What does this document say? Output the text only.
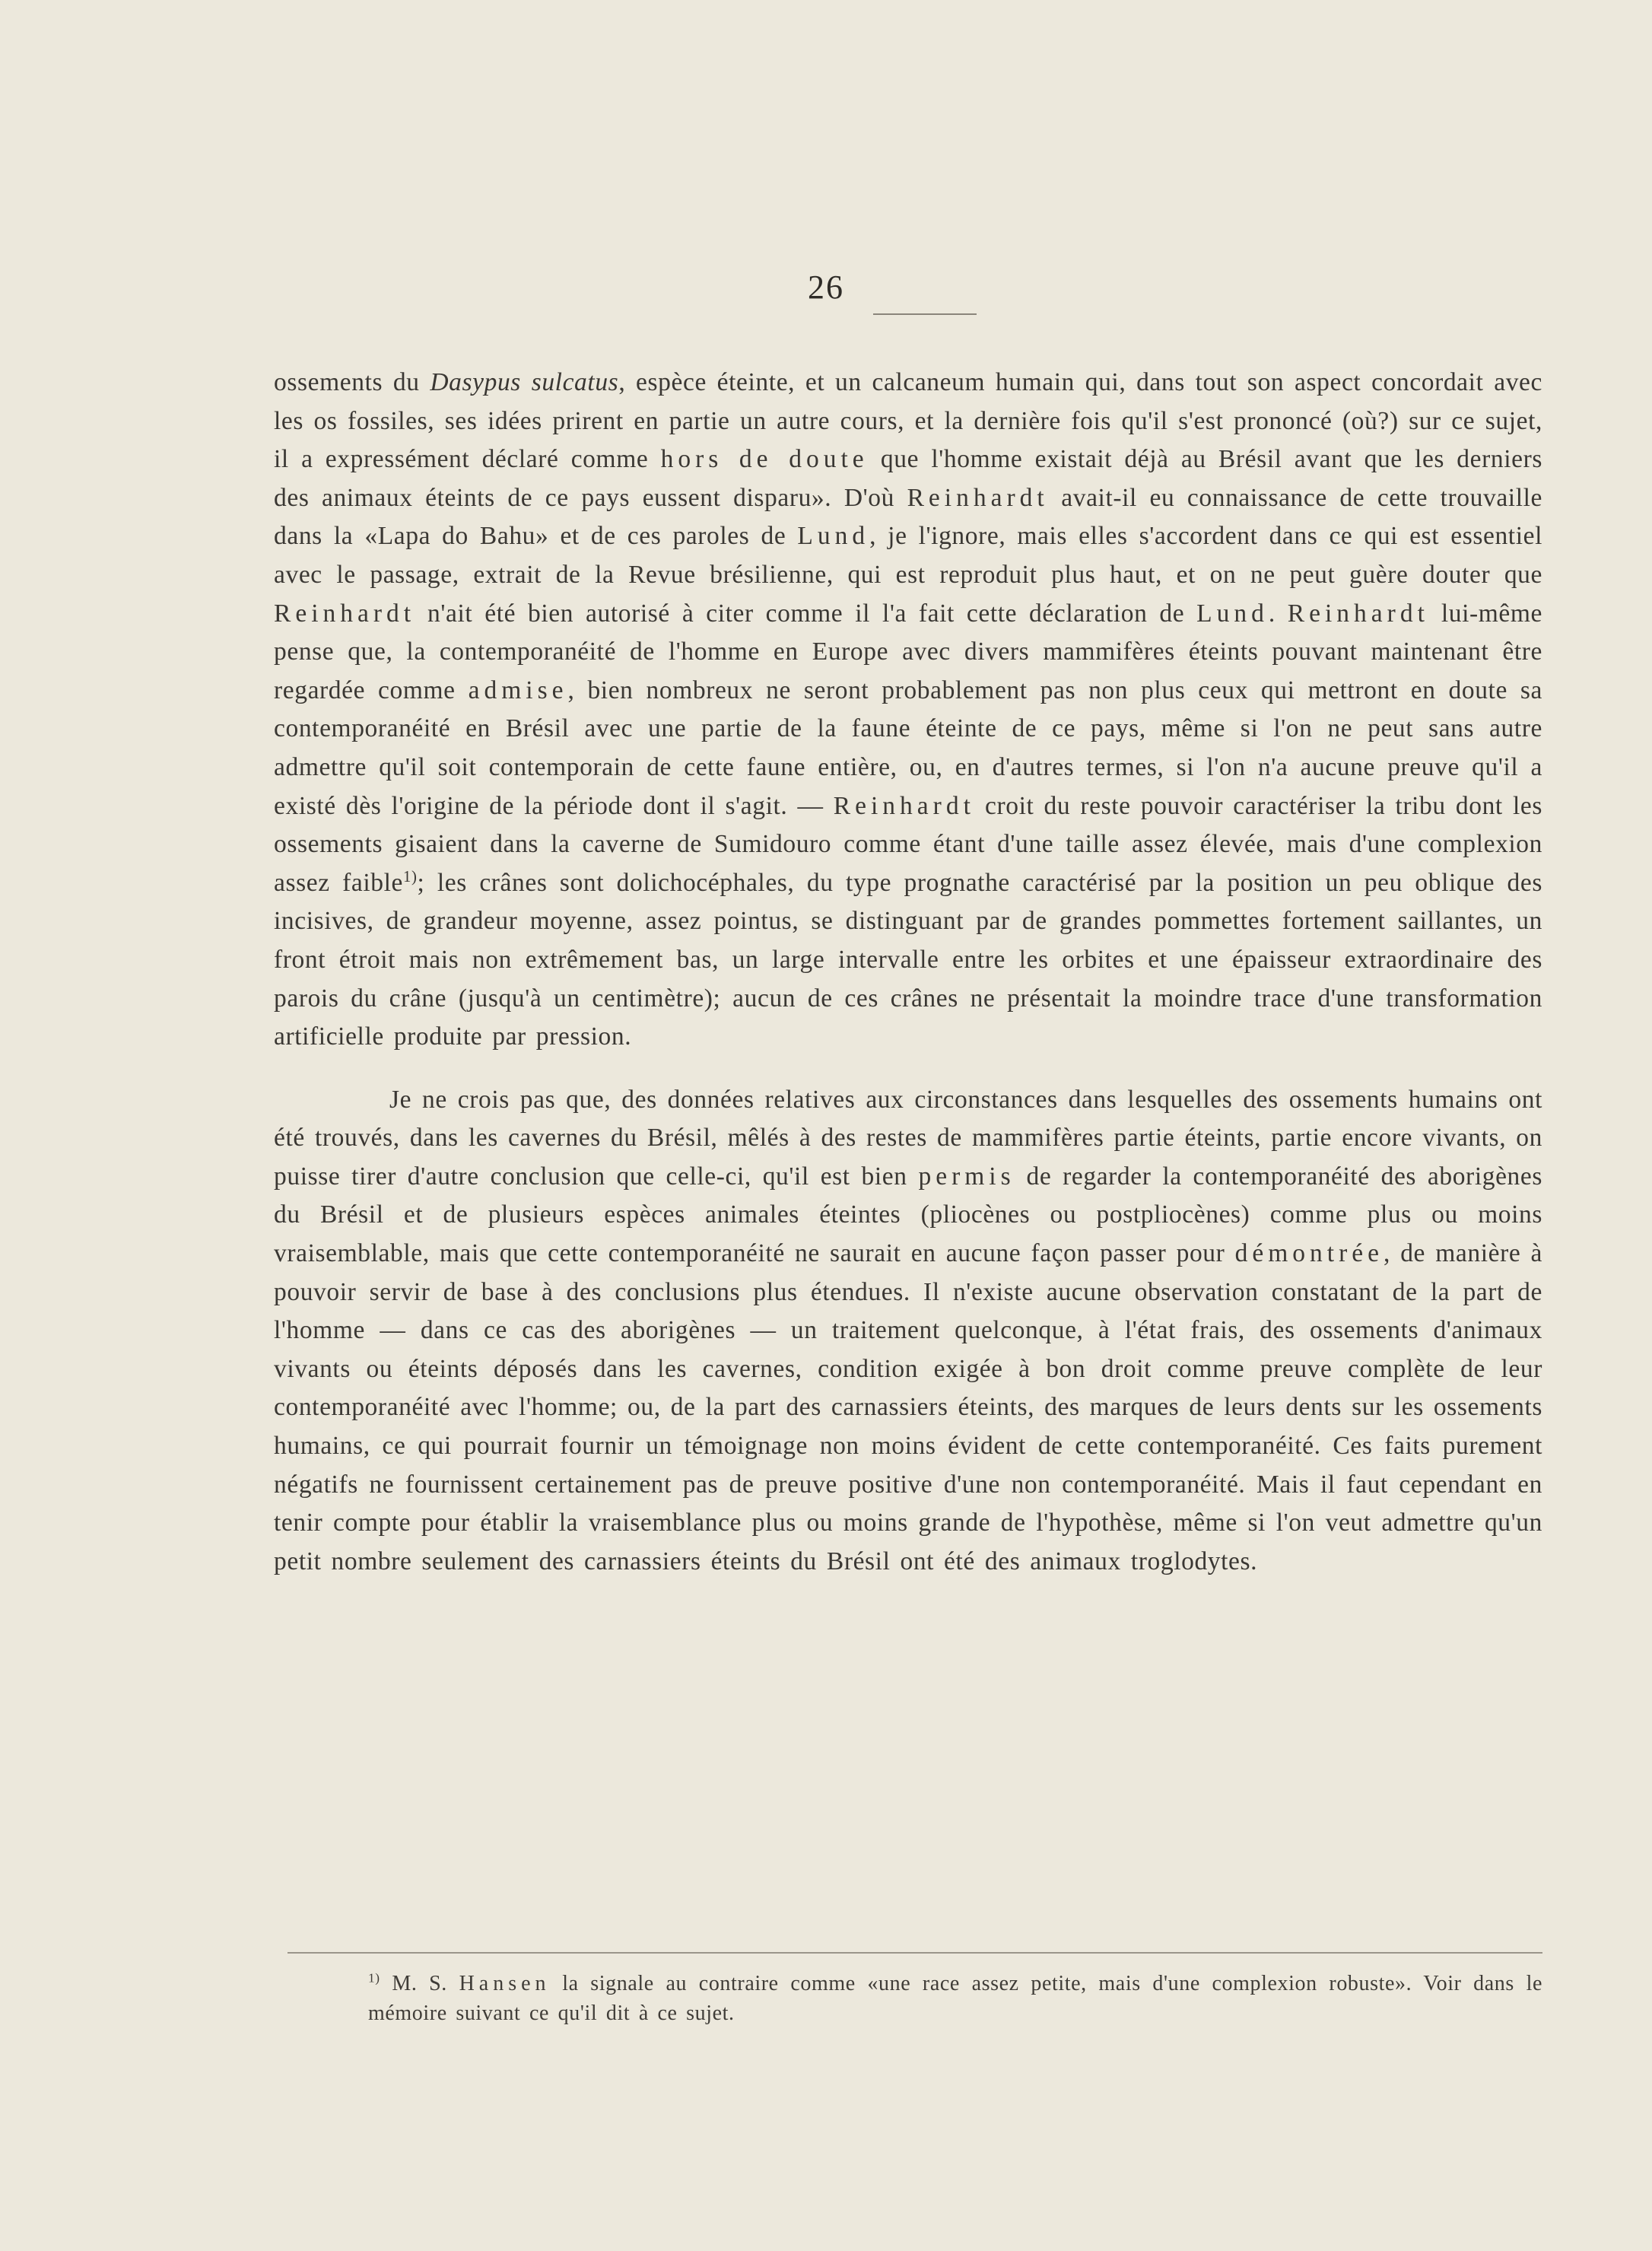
26

ossements du Dasypus sulcatus, espèce éteinte, et un calcaneum humain qui, dans tout son aspect concordait avec les os fossiles, ses idées prirent en partie un autre cours, et la dernière fois qu'il s'est prononcé (où?) sur ce sujet, il a expressément déclaré comme hors de doute que l'homme existait déjà au Brésil avant que les derniers des animaux éteints de ce pays eussent disparu». D'où Reinhardt avait-il eu connaissance de cette trouvaille dans la «Lapa do Bahu» et de ces paroles de Lund, je l'ignore, mais elles s'accordent dans ce qui est essentiel avec le passage, extrait de la Revue brésilienne, qui est reproduit plus haut, et on ne peut guère douter que Reinhardt n'ait été bien autorisé à citer comme il l'a fait cette déclaration de Lund. Reinhardt lui-même pense que, la contemporanéité de l'homme en Europe avec divers mammifères éteints pouvant maintenant être regardée comme admise, bien nombreux ne seront probablement pas non plus ceux qui mettront en doute sa contemporanéité en Brésil avec une partie de la faune éteinte de ce pays, même si l'on ne peut sans autre admettre qu'il soit contemporain de cette faune entière, ou, en d'autres termes, si l'on n'a aucune preuve qu'il a existé dès l'origine de la période dont il s'agit. — Reinhardt croit du reste pouvoir caractériser la tribu dont les ossements gisaient dans la caverne de Sumidouro comme étant d'une taille assez élevée, mais d'une complexion assez faible$^{1)}$; les crânes sont dolichocéphales, du type prognathe caractérisé par la position un peu oblique des incisives, de grandeur moyenne, assez pointus, se distinguant par de grandes pommettes fortement saillantes, un front étroit mais non extrêmement bas, un large intervalle entre les orbites et une épaisseur extraordinaire des parois du crâne (jusqu'à un centimètre); aucun de ces crânes ne présentait la moindre trace d'une transformation artificielle produite par pression.

Je ne crois pas que, des données relatives aux circonstances dans lesquelles des ossements humains ont été trouvés, dans les cavernes du Brésil, mêlés à des restes de mammifères partie éteints, partie encore vivants, on puisse tirer d'autre conclusion que celle-ci, qu'il est bien permis de regarder la contemporanéité des aborigènes du Brésil et de plusieurs espèces animales éteintes (pliocènes ou postpliocènes) comme plus ou moins vraisemblable, mais que cette contemporanéité ne saurait en aucune façon passer pour démontrée, de manière à pouvoir servir de base à des conclusions plus étendues. Il n'existe aucune observation constatant de la part de l'homme — dans ce cas des aborigènes — un traitement quelconque, à l'état frais, des ossements d'animaux vivants ou éteints déposés dans les cavernes, condition exigée à bon droit comme preuve complète de leur contemporanéité avec l'homme; ou, de la part des carnassiers éteints, des marques de leurs dents sur les ossements humains, ce qui pourrait fournir un témoignage non moins évident de cette contemporanéité. Ces faits purement négatifs ne fournissent certainement pas de preuve positive d'une non contemporanéité. Mais il faut cependant en tenir compte pour établir la vraisemblance plus ou moins grande de l'hypothèse, même si l'on veut admettre qu'un petit nombre seulement des carnassiers éteints du Brésil ont été des animaux troglodytes.

$^{1)}$ M. S. Hansen la signale au contraire comme «une race assez petite, mais d'une complexion robuste». Voir dans le mémoire suivant ce qu'il dit à ce sujet.
